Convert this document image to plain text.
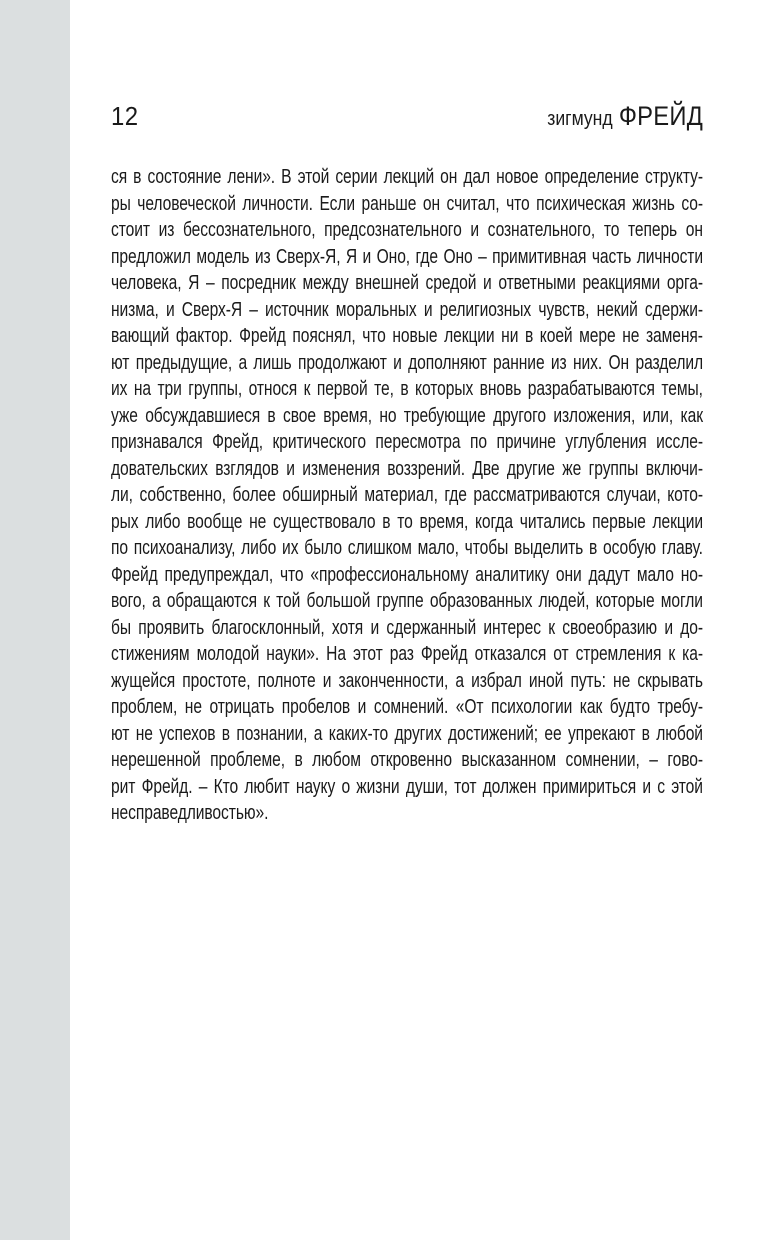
12	зигмунд ФРЕЙД
ся в состояние лени». В этой серии лекций он дал новое определение структу-
ры человеческой личности. Если раньше он считал, что психическая жизнь со-
стоит из бессознательного, предсознательного и сознательного, то теперь он
предложил модель из Сверх-Я, Я и Оно, где Оно – примитивная часть личности
человека, Я – посредник между внешней средой и ответными реакциями орга-
низма, и Сверх-Я – источник моральных и религиозных чувств, некий сдержи-
вающий фактор. Фрейд пояснял, что новые лекции ни в коей мере не заменя-
ют предыдущие, а лишь продолжают и дополняют ранние из них. Он разделил
их на три группы, относя к первой те, в которых вновь разрабатываются темы,
уже обсуждавшиеся в свое время, но требующие другого изложения, или, как
признавался Фрейд, критического пересмотра по причине углубления иссле-
довательских взглядов и изменения воззрений. Две другие же группы включи-
ли, собственно, более обширный материал, где рассматриваются случаи, кото-
рых либо вообще не существовало в то время, когда читались первые лекции
по психоанализу, либо их было слишком мало, чтобы выделить в особую главу.
Фрейд предупреждал, что «профессиональному аналитику они дадут мало но-
вого, а обращаются к той большой группе образованных людей, которые могли
бы проявить благосклонный, хотя и сдержанный интерес к своеобразию и до-
стижениям молодой науки». На этот раз Фрейд отказался от стремления к ка-
жущейся простоте, полноте и законченности, а избрал иной путь: не скрывать
проблем, не отрицать пробелов и сомнений. «От психологии как будто требу-
ют не успехов в познании, а каких-то других достижений; ее упрекают в любой
нерешенной проблеме, в любом откровенно высказанном сомнении, – гово-
рит Фрейд. – Кто любит науку о жизни души, тот должен примириться и с этой
несправедливостью».
